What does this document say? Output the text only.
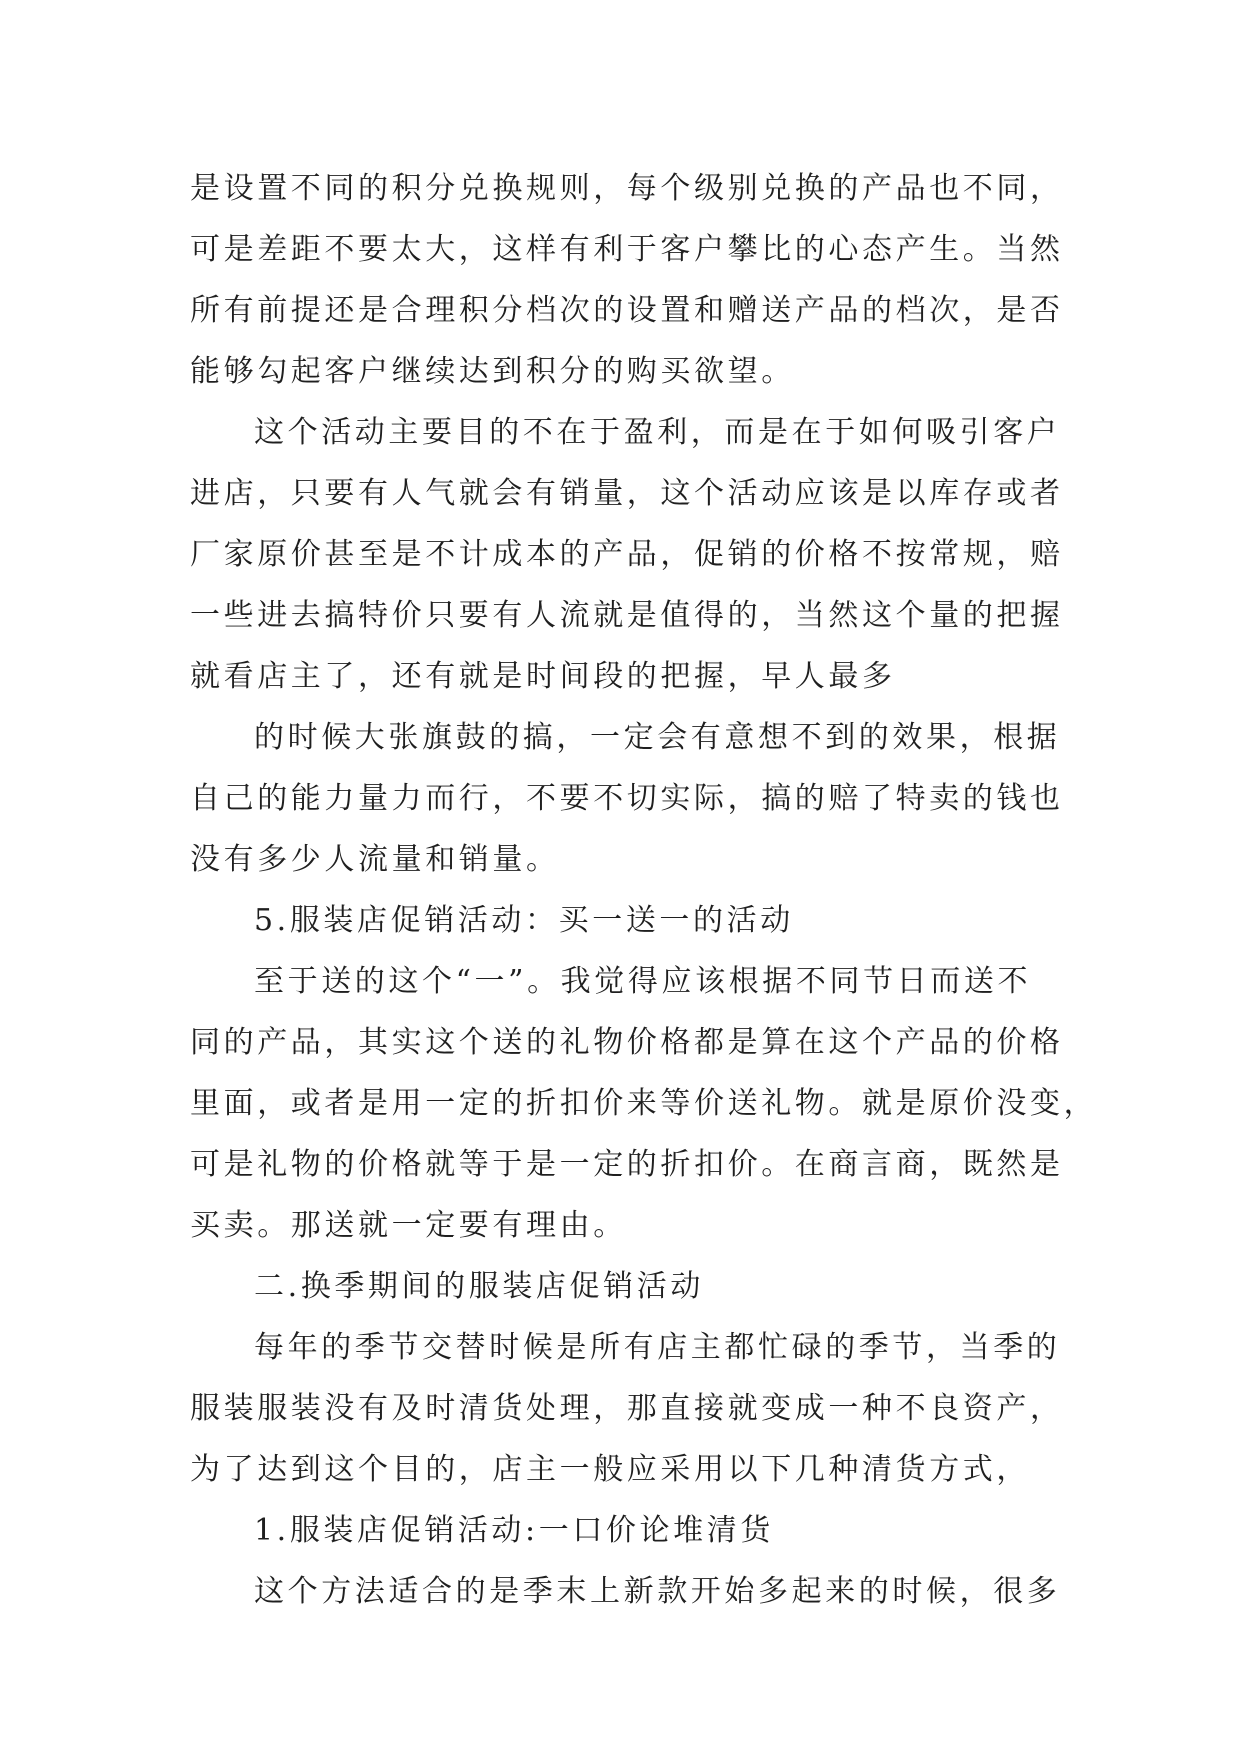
是设置不同的积分兑换规则，每个级别兑换的产品也不同，
可是差距不要太大，这样有利于客户攀比的心态产生。当然
所有前提还是合理积分档次的设置和赠送产品的档次，是否
能够勾起客户继续达到积分的购买欲望。
这个活动主要目的不在于盈利，而是在于如何吸引客户
进店，只要有人气就会有销量，这个活动应该是以库存或者
厂家原价甚至是不计成本的产品，促销的价格不按常规，赔
一些进去搞特价只要有人流就是值得的，当然这个量的把握
就看店主了，还有就是时间段的把握，早人最多
的时候大张旗鼓的搞，一定会有意想不到的效果，根据
自己的能力量力而行，不要不切实际，搞的赔了特卖的钱也
没有多少人流量和销量。
5.服装店促销活动：买一送一的活动
至于送的这个“一”。我觉得应该根据不同节日而送不
同的产品，其实这个送的礼物价格都是算在这个产品的价格
里面，或者是用一定的折扣价来等价送礼物。就是原价没变，
可是礼物的价格就等于是一定的折扣价。在商言商，既然是
买卖。那送就一定要有理由。
二.换季期间的服装店促销活动
每年的季节交替时候是所有店主都忙碌的季节，当季的
服装服装没有及时清货处理，那直接就变成一种不良资产，
为了达到这个目的，店主一般应采用以下几种清货方式，
1.服装店促销活动:一口价论堆清货
这个方法适合的是季末上新款开始多起来的时候，很多
